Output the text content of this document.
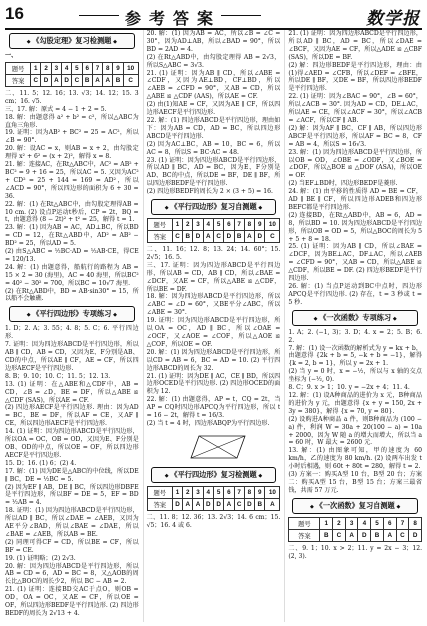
16	参考答案	数学报
◆ 《勾股定理》复习检测题 ◆
一、
题号	1	2	3	4	5	6	7	8	9	10
答案	C	D	A	D	C	B	A	A	B	C
二、11. 5；12. 16；13. √3；14. 12；15. 3 cm；16. √5.
三、17. 解：原式 = 4 − 1 + 2 = 5.
18. 解：由题意得 a² + b² = c²，所以△ABC为直角三角形.
19. 证明：因为AB² + BC² = 25 = AC²，所以∠B = 90°.
20. 解：设AC = x，则AB = x + 2，由勾股定理得 x² + 6² = (x + 2)²，解得 x = 8.
21. 解：连接AC，在Rt△ABC中，AC² = AB² + BC² = 9 + 16 = 25，所以AC = 5. 又因为AC² + CD² = 25 + 144 = 169 = AD²，所以∠ACD = 90°，所以四边形的面积为 6 + 30 = 36.
22. 解：(1) 在Rt△ABC中，由勾股定理得AB = 10 cm. (2) 设点P运动t秒后，CP = 2t，BQ = t，由题意得 (8 − 2t)² + t² = 25，解得 t = 1.
23. 解：(1) 因为AB = AC，AD⊥BC，所以BD = CD = 12，在Rt△ABD中，AD² = AB² − BD² = 25，所以AD = 5.
(2) 由S△ABC = ½BC·AD = ½AB·CE，得CE = 120/13.
24. 解：(1) 由题意得，船航行的路程为 AB = 15 × 2 = 30 (海里)，AC = 40 海里，所以BC² = 40² − 30² = 700，所以BC = 10√7 海里.
(2) 在Rt△ABD中，BD = AB·sin30° = 15，所以船不会触礁.
◆ 《平行四边形》专项练习 ◆
1. D；2. A；3. 55；4. 8；5. C；6. 平行四边形.
7. 证明：因为四边形ABCD是平行四边形，所以AB ∥ CD，AB = CD，又因为E、F分别是AB、CD的中点，所以AE ∥ CF，AE = CF，所以四边形AECF是平行四边形.
8. B；9. 10；10. C；11. 5；12. 13.
13. (1) 证明：在△ABE和△CDF中，AB = CD，∠B = ∠D，BE = DF，所以△ABE ≌ △CDF (SAS)，所以AE = CF.
(2) 四边形AECF是平行四边形. 理由：因为AD = BC，BE = DF，所以AF = CE，又AF ∥ CE，所以四边形AECF是平行四边形.
14. (1) 证明：因为四边形ABCD是平行四边形，所以OA = OC，OB = OD，又因为E、F分别是OB、OD的中点，所以OE = OF，所以四边形AECF是平行四边形.
15. D；16. (1) 6；(2) 4.
17. 解：(1) 因为DE是△ABC的中位线，所以DE ∥ BC，DE = ½BC = 5.
(2) 因为EF ∥ AB，DE ∥ BC，所以四边形DBFE是平行四边形，所以BF = DE = 5，EF = BD = ½AB = 4.
18. 证明：(1) 因为四边形ABCD是平行四边形，所以AD ∥ BC，所以∠DAE = ∠AEB，又因为AE平分∠BAD，所以∠BAE = ∠DAE，所以∠BAE = ∠AEB，所以AB = BE.
(2) 同理可得CF = CD，所以BE = CF，所以BF = CE.
19. (1) 证明略；(2) 2√3.
20. 解：因为四边形ABCD是平行四边形，所以AB = CD = 6，AD = BC = 8，又△AOB的周长比△BOC的周长少2，所以 BC − AB = 2.
21. (1) 证明：连接BD交AC于点O，则OB = OD，OA = OC，又AE = CF，所以OE = OF，所以四边形BEDF是平行四边形. (2) 四边形BEDF的周长为 2√13 + 4.
20. 解：(1) 因为AB = AC，所以∠B = ∠C = 30°，因为AD⊥AB，所以∠BAD = 90°，所以BD = 2AD = 4.
(2) 在Rt△ABD中，由勾股定理得 AB = 2√3，所以S△ABC = 3√3.
21. (1) 证明：因为AB ∥ CD，所以∠ABE = ∠CDF，又因为AE⊥BD，CF⊥BD，所以∠AEB = ∠CFD = 90°，又AB = CD，所以△ABE ≌ △CDF (AAS)，所以AE = CF.
(2) 由(1)知AE = CF，又因为AE ∥ CF，所以四边形AECF是平行四边形.
22. 解：(1) 四边形ABCD是平行四边形，理由如下：因为AB = CD，AD = BC，所以四边形ABCD是平行四边形.
(2) 因为AC⊥BC，AB = 10，BC = 6，所以AC = 8，所以S = BC·AC = 48.
23. (1) 证明：因为四边形ABCD是平行四边形，所以AD ∥ BC，AD = BC，因为E、F分别是AD、BC的中点，所以DE = BF，DE ∥ BF，所以四边形BEDF是平行四边形.
(2) 四边形BEDF的周长为 2 × (3 + 5) = 16.
◆ 《平行四边形》复习自测题 ◆
题号	1	2	3	4	5	6	7	8	9	10
答案	C	B	D	A	C	D	B	A	D	C
二、11. 16；12. 8；13. 24；14. 60°；15. 2√5；16. 5.
三、17. 证明：因为四边形ABCD是平行四边形，所以AB = CD，AB ∥ CD，所以∠BAE = ∠DCF，又AE = CF，所以△ABE ≌ △CDF，所以BE = DF.
18. 解：因为四边形ABCD是平行四边形，所以∠ABC = ∠D = 60°，又BE平分∠ABC，所以∠ABE = 30°.
19. 证明：因为四边形ABCD是平行四边形，所以OA = OC，AD ∥ BC，所以∠OAE = ∠OCF，又∠AOE = ∠COF，所以△AOE ≌ △COF，所以OE = OF.
20. 解：(1) 因为四边形ABCD是平行四边形，所以CD = AB = 6，BC = AD = 10. (2) 平行四边形ABCD的周长为 32.
21. (1) 证明：因为DE ∥ AC，CE ∥ BD，所以四边形OCED是平行四边形. (2) 四边形OCED的面积为 12.
22. 解：(1) 由题意得，AP = t，CQ = 2t，当AP = CQ时四边形APCQ为平行四边形，所以 t = 16 − 2t，解得 t = 16/3.
(2) 当 t = 4 时，四边形ABQP为平行四边形.
◆ 《平行四边形》复习检测题 ◆
题号	1	2	3	4	5	6	7	8	9	10
答案	D	A	A	D	D	A	C	D	B	A
二、11. 8；12. 36；13. 2√3；14. 6 cm；15. √5；16. 4 或 6.
21. (1) 证明：因为四边形ABCD是平行四边形，所以AD ∥ BC，AD = BC，所以∠DAE = ∠BCF，又因为AE = CF，所以△ADE ≌ △CBF (SAS)，所以DE = BF.
(2) 解：四边形BEDF是平行四边形，理由：由(1)得∠AED = ∠CFB，所以∠DEF = ∠BFE，所以DE ∥ BF，又DE = BF，所以四边形BEDF是平行四边形.
22. (1) 证明：因为∠BAC = 90°，∠B = 60°，所以∠ACB = 30°. 因为AD = CD，DE⊥AC，所以AE = CE，所以∠ACF = 30°，所以∠ACB = ∠ACF，所以CF ∥ AB.
(2) 解：因为AF ∥ BC，CF ∥ AB，所以四边形ABCF是平行四边形，所以AF = BC = 8，CF = AB = 4，所以S = 16√3.
23. 解：(1) 因为四边形ABCD是平行四边形，所以OB = OD，∠OBE = ∠ODF，又∠BOE = ∠DOF，所以△BOE ≌ △DOF (ASA)，所以OE = OF.
(2) 当EF⊥BD时，四边形BEDF是菱形.
24. 解：(1) 由平移的性质得 AD = BE = CF，AD ∥ BE ∥ CF，所以四边形ADEB和四边形BEFC都是平行四边形.
(2) 连接BD，在Rt△ABD中，AB = 6，AD = 8，所以BD = 10. 因为四边形ABCD是平行四边形，所以OB = OD = 5，所以△BOC的周长为 5 + 5 + 8 = 18.
25. (1) 证明：因为AB ∥ CD，所以∠BAE = ∠DCF，因为BE⊥AC，DF⊥AC，所以∠AEB = ∠CFD = 90°，又AB = CD，所以△ABE ≌ △CDF，所以BE = DF. (2) 四边形BEDF是平行四边形.
26. 解：(1) 当点P运动到BC中点时，四边形APCQ是平行四边形. (2) 存在，t = 3 秒或 t = 5 秒.
◆ 《一次函数》专项练习 ◆
1. A；2. (−1, 3)；3. D；4. x = 2；5. B；6. 2.
7. 解：(1) 设一次函数的解析式为 y = kx + b，由题意得 {2k + b = 5, −k + b = −1}，解得 {k = 2, b = 1}，所以 y = 2x + 1.
(2) 当 y = 0 时，x = −½，所以与 x 轴的交点坐标为 (−½, 0).
8. C；9. x > 1；10. y = −2x + 4；11. 4.
12. 解：(1) 设A种商品的进价为 x 元，B种商品的进价为 y 元，由题意得 {x + y = 150, 2x + 3y = 380}，解得 {x = 70, y = 80}.
(2) 设购进A种商品 a 件，则B种商品为 (100 − a) 件，利润 W = 30a + 20(100 − a) = 10a + 2000，因为 W 随 a 的增大而增大，所以当 a = 60 时，W 最大 = 2600 元.
13. 解：(1) 由图象可知，甲的速度为 60 km/h，乙的速度为 80 km/h. (2) 设两车出发 t 小时后相遇，则 60t + 80t = 280，解得 t = 2.
(3) 方案一：购买A型 10 台，B型 20 台；方案二：购买A型 15 台，B型 15 台；方案三最省钱，共需 57 万元.
◆ 《一次函数》复习自测题 ◆
题号	1	2	3	4	5	6	7	8
答案	B	C	A	D	B	A	C	D
二、9. 1；10. x > 2；11. y = 2x − 3；12. (2, 3).
